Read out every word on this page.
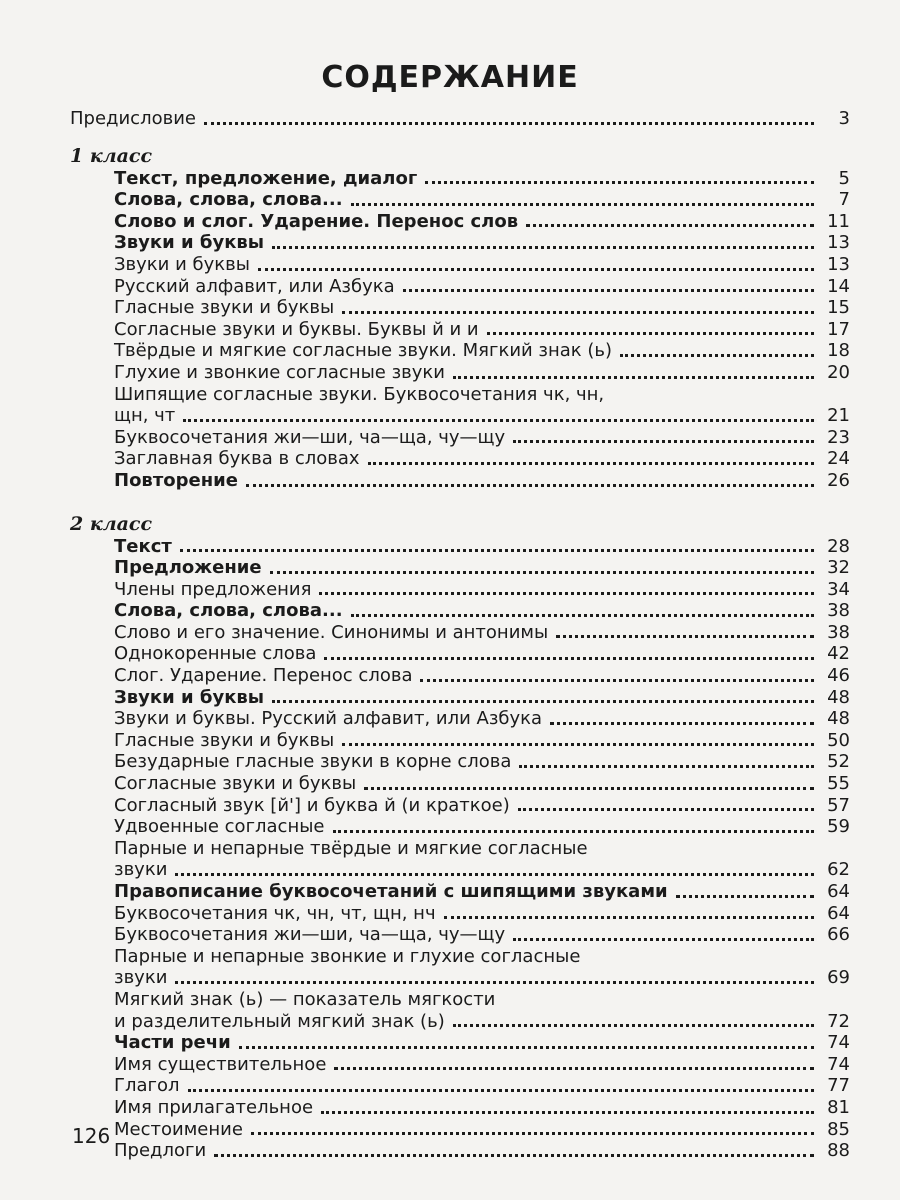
СОДЕРЖАНИЕ
Предисловие	3
1 класс
Текст, предложение, диалог	5
Слова, слова, слова...	7
Слово и слог. Ударение. Перенос слов	11
Звуки и буквы	13
Звуки и буквы	13
Русский алфавит, или Азбука	14
Гласные звуки и буквы	15
Согласные звуки и буквы. Буквы й и и	17
Твёрдые и мягкие согласные звуки. Мягкий знак (ь)	18
Глухие и звонкие согласные звуки	20
Шипящие согласные звуки. Буквосочетания чк, чн,
щн, чт	21
Буквосочетания жи—ши, ча—ща, чу—щу	23
Заглавная буква в словах	24
Повторение	26
2 класс
Текст	28
Предложение	32
Члены предложения	34
Слова, слова, слова...	38
Слово и его значение. Синонимы и антонимы	38
Однокоренные слова	42
Слог. Ударение. Перенос слова	46
Звуки и буквы	48
Звуки и буквы. Русский алфавит, или Азбука	48
Гласные звуки и буквы	50
Безударные гласные звуки в корне слова	52
Согласные звуки и буквы	55
Согласный звук [й'] и буква й (и краткое)	57
Удвоенные согласные	59
Парные и непарные твёрдые и мягкие согласные
звуки	62
Правописание буквосочетаний с шипящими звуками	64
Буквосочетания чк, чн, чт, щн, нч	64
Буквосочетания жи—ши, ча—ща, чу—щу	66
Парные и непарные звонкие и глухие согласные
звуки	69
Мягкий знак (ь) — показатель мягкости
и разделительный мягкий знак (ь)	72
Части речи	74
Имя существительное	74
Глагол	77
Имя прилагательное	81
Местоимение	85
Предлоги	88
126
